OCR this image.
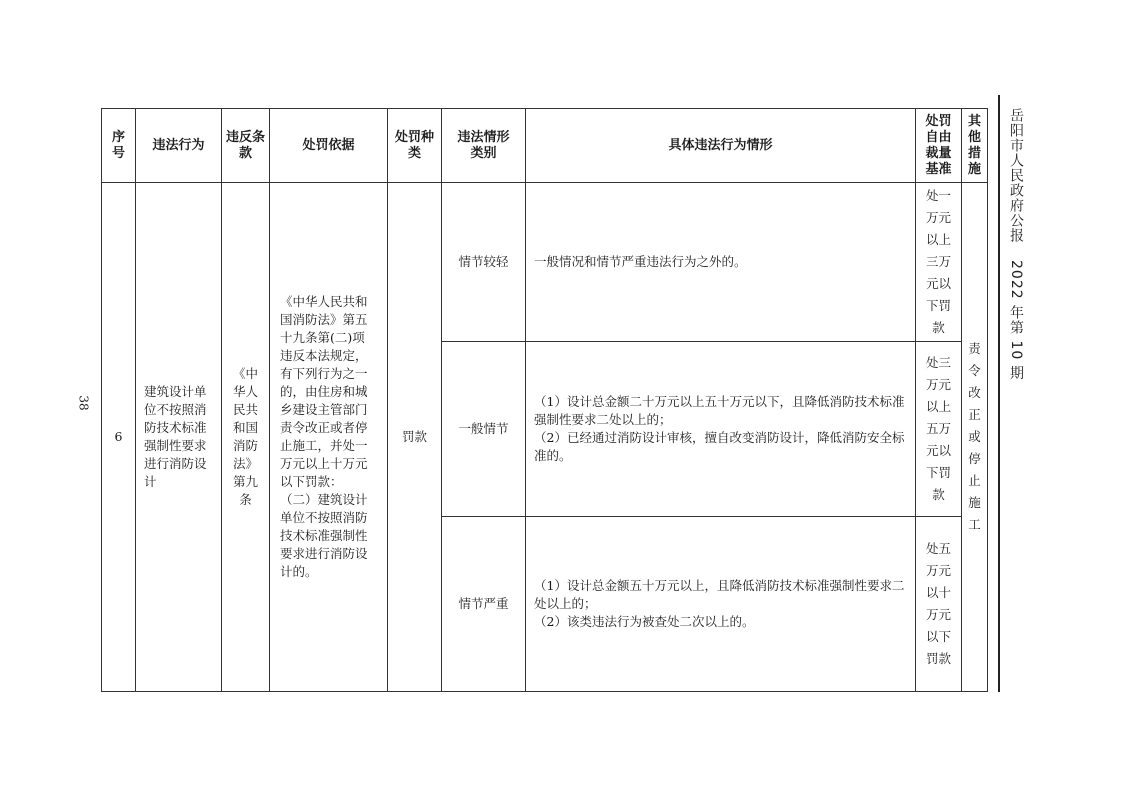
38
序号	违法行为	违反条款	处罚依据	处罚种类	违法情形类别	具体违法行为情形	处罚自由裁量基准	其他措施

6	建筑设计单位不按照消防技术标准强制性要求进行消防设计	《中华人民共和国消防法》第九条	《中华人民共和国消防法》第五十九条第(二)项违反本法规定，有下列行为之一的，由住房和城乡建设主管部门责令改正或者停止施工，并处一万元以上十万元以下罚款：
（二）建筑设计单位不按照消防技术标准强制性要求进行消防设计的。	罚款	情节较轻	一般情况和情节严重违法行为之外的。	处一万元以上三万元以下罚款	责令改正或停止施工
					一般情节	（1）设计总金额二十万元以上五十万元以下，且降低消防技术标准强制性要求二处以上的；
（2）已经通过消防设计审核，擅自改变消防设计，降低消防安全标准的。	处三万元以上五万元以下罚款	
					情节严重	（1）设计总金额五十万元以上，且降低消防技术标准强制性要求二处以上的；
（2）该类违法行为被查处二次以上的。	处五万元以十万元以下罚款	
岳阳市人民政府公报 2022 年第 10 期
